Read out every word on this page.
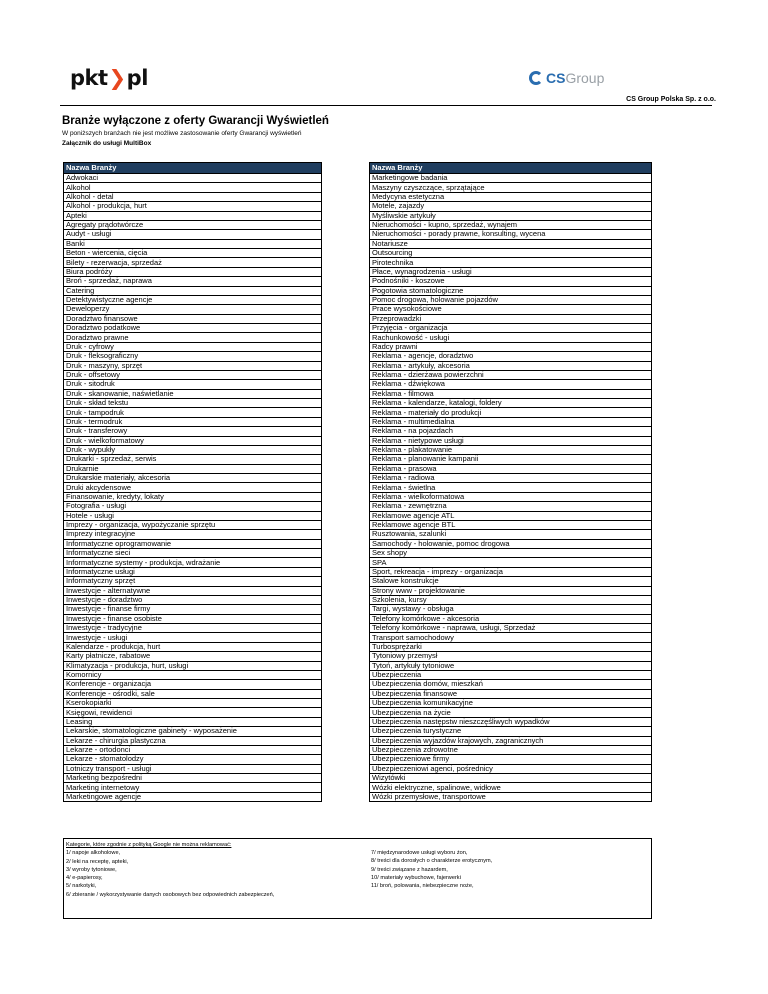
pkt❯pl	CS Group
CS Group Polska Sp. z o.o.
Branże wyłączone z oferty Gwarancji Wyświetleń
W poniższych branżach nie jest możliwe zastosowanie oferty Gwarancji wyświetleń
Załącznik do usługi MultiBox
Nazwa Branży
Adwokaci
Alkohol
Alkohol - detal
Alkohol - produkcja, hurt
Apteki
Agregaty prądotwórcze
Audyt - usługi
Banki
Beton - wiercenia, cięcia
Bilety - rezerwacja, sprzedaż
Biura podróży
Broń - sprzedaż, naprawa
Catering
Detektywistyczne agencje
Deweloperzy
Doradztwo finansowe
Doradztwo podatkowe
Doradztwo prawne
Druk - cyfrowy
Druk - fleksograficzny
Druk - maszyny, sprzęt
Druk - offsetowy
Druk - sitodruk
Druk - skanowanie, naświetlanie
Druk - skład tekstu
Druk - tampodruk
Druk - termodruk
Druk - transferowy
Druk - wielkoformatowy
Druk - wypukły
Drukarki - sprzedaż, serwis
Drukarnie
Drukarskie materiały, akcesoria
Druki akcydensowe
Finansowanie, kredyty, lokaty
Fotografia - usługi
Hotele - usługi
Imprezy - organizacja, wypożyczanie sprzętu
Imprezy integracyjne
Informatyczne oprogramowanie
Informatyczne sieci
Informatyczne systemy - produkcja, wdrażanie
Informatyczne usługi
Informatyczny sprzęt
Inwestycje - alternatywne
Inwestycje - doradztwo
Inwestycje - finanse firmy
Inwestycje - finanse osobiste
Inwestycje - tradycyjne
Inwestycje - usługi
Kalendarze - produkcja, hurt
Karty płatnicze, rabatowe
Klimatyzacja - produkcja, hurt, usługi
Komornicy
Konferencje - organizacja
Konferencje - ośrodki, sale
Kserokopiarki
Księgowi, rewidenci
Leasing
Lekarskie, stomatologiczne gabinety - wyposażenie
Lekarze - chirurgia plastyczna
Lekarze - ortodonci
Lekarze - stomatolodzy
Lotniczy transport - usługi
Marketing bezpośredni
Marketing internetowy
Marketingowe agencje
Nazwa Branży
Marketingowe badania
Maszyny czyszczące, sprzątające
Medycyna estetyczna
Motele, zajazdy
Myśliwskie artykuły
Nieruchomości - kupno, sprzedaż, wynajem
Nieruchomości - porady prawne, konsulting, wycena
Notariusze
Outsourcing
Pirotechnika
Płace, wynagrodzenia - usługi
Podnośniki - koszowe
Pogotowia stomatologiczne
Pomoc drogowa, holowanie pojazdów
Prace wysokościowe
Przeprowadzki
Przyjęcia - organizacja
Rachunkowość - usługi
Radcy prawni
Reklama - agencje, doradztwo
Reklama - artykuły, akcesoria
Reklama - dzierżawa powierzchni
Reklama - dźwiękowa
Reklama - filmowa
Reklama - kalendarze, katalogi, foldery
Reklama - materiały do produkcji
Reklama - multimedialna
Reklama - na pojazdach
Reklama - nietypowe usługi
Reklama - plakatowanie
Reklama - planowanie kampanii
Reklama - prasowa
Reklama - radiowa
Reklama - świetlna
Reklama - wielkoformatowa
Reklama - zewnętrzna
Reklamowe agencje ATL
Reklamowe agencje BTL
Rusztowania, szalunki
Samochody - holowanie, pomoc drogowa
Sex shopy
SPA
Sport, rekreacja - imprezy - organizacja
Stalowe konstrukcje
Strony www - projektowanie
Szkolenia, kursy
Targi, wystawy - obsługa
Telefony komórkowe - akcesoria
Telefony komórkowe - naprawa, usługi, Sprzedaż
Transport samochodowy
Turbosprężarki
Tytoniowy przemysł
Tytoń, artykuły tytoniowe
Ubezpieczenia
Ubezpieczenia domów, mieszkań
Ubezpieczenia finansowe
Ubezpieczenia komunikacyjne
Ubezpieczenia na życie
Ubezpieczenia następstw nieszczęśliwych wypadków
Ubezpieczenia turystyczne
Ubezpieczenia wyjazdów krajowych, zagranicznych
Ubezpieczenia zdrowotne
Ubezpieczeniowe firmy
Ubezpieczeniowi agenci, pośrednicy
Wizytówki
Wózki elektryczne, spalinowe, widłowe
Wózki przemysłowe, transportowe
Kategorie, które zgodnie z polityką Google nie można reklamować:
1/ napoje alkoholowe,
2/ leki na receptę, apteki,
3/ wyroby tytoniowe,
4/ e-papierosy,
5/ narkotyki,
6/ zbieranie / wykorzystywanie danych osobowych bez odpowiednich zabezpieczeń,
7/ międzynarodowe usługi wyboru żon,
8/ treści dla dorosłych o charakterze erotycznym,
9/ treści związane z hazardem,
10/ materiały wybuchowe, fajerwerki
11/ broń, polowania, niebezpieczne noże,
